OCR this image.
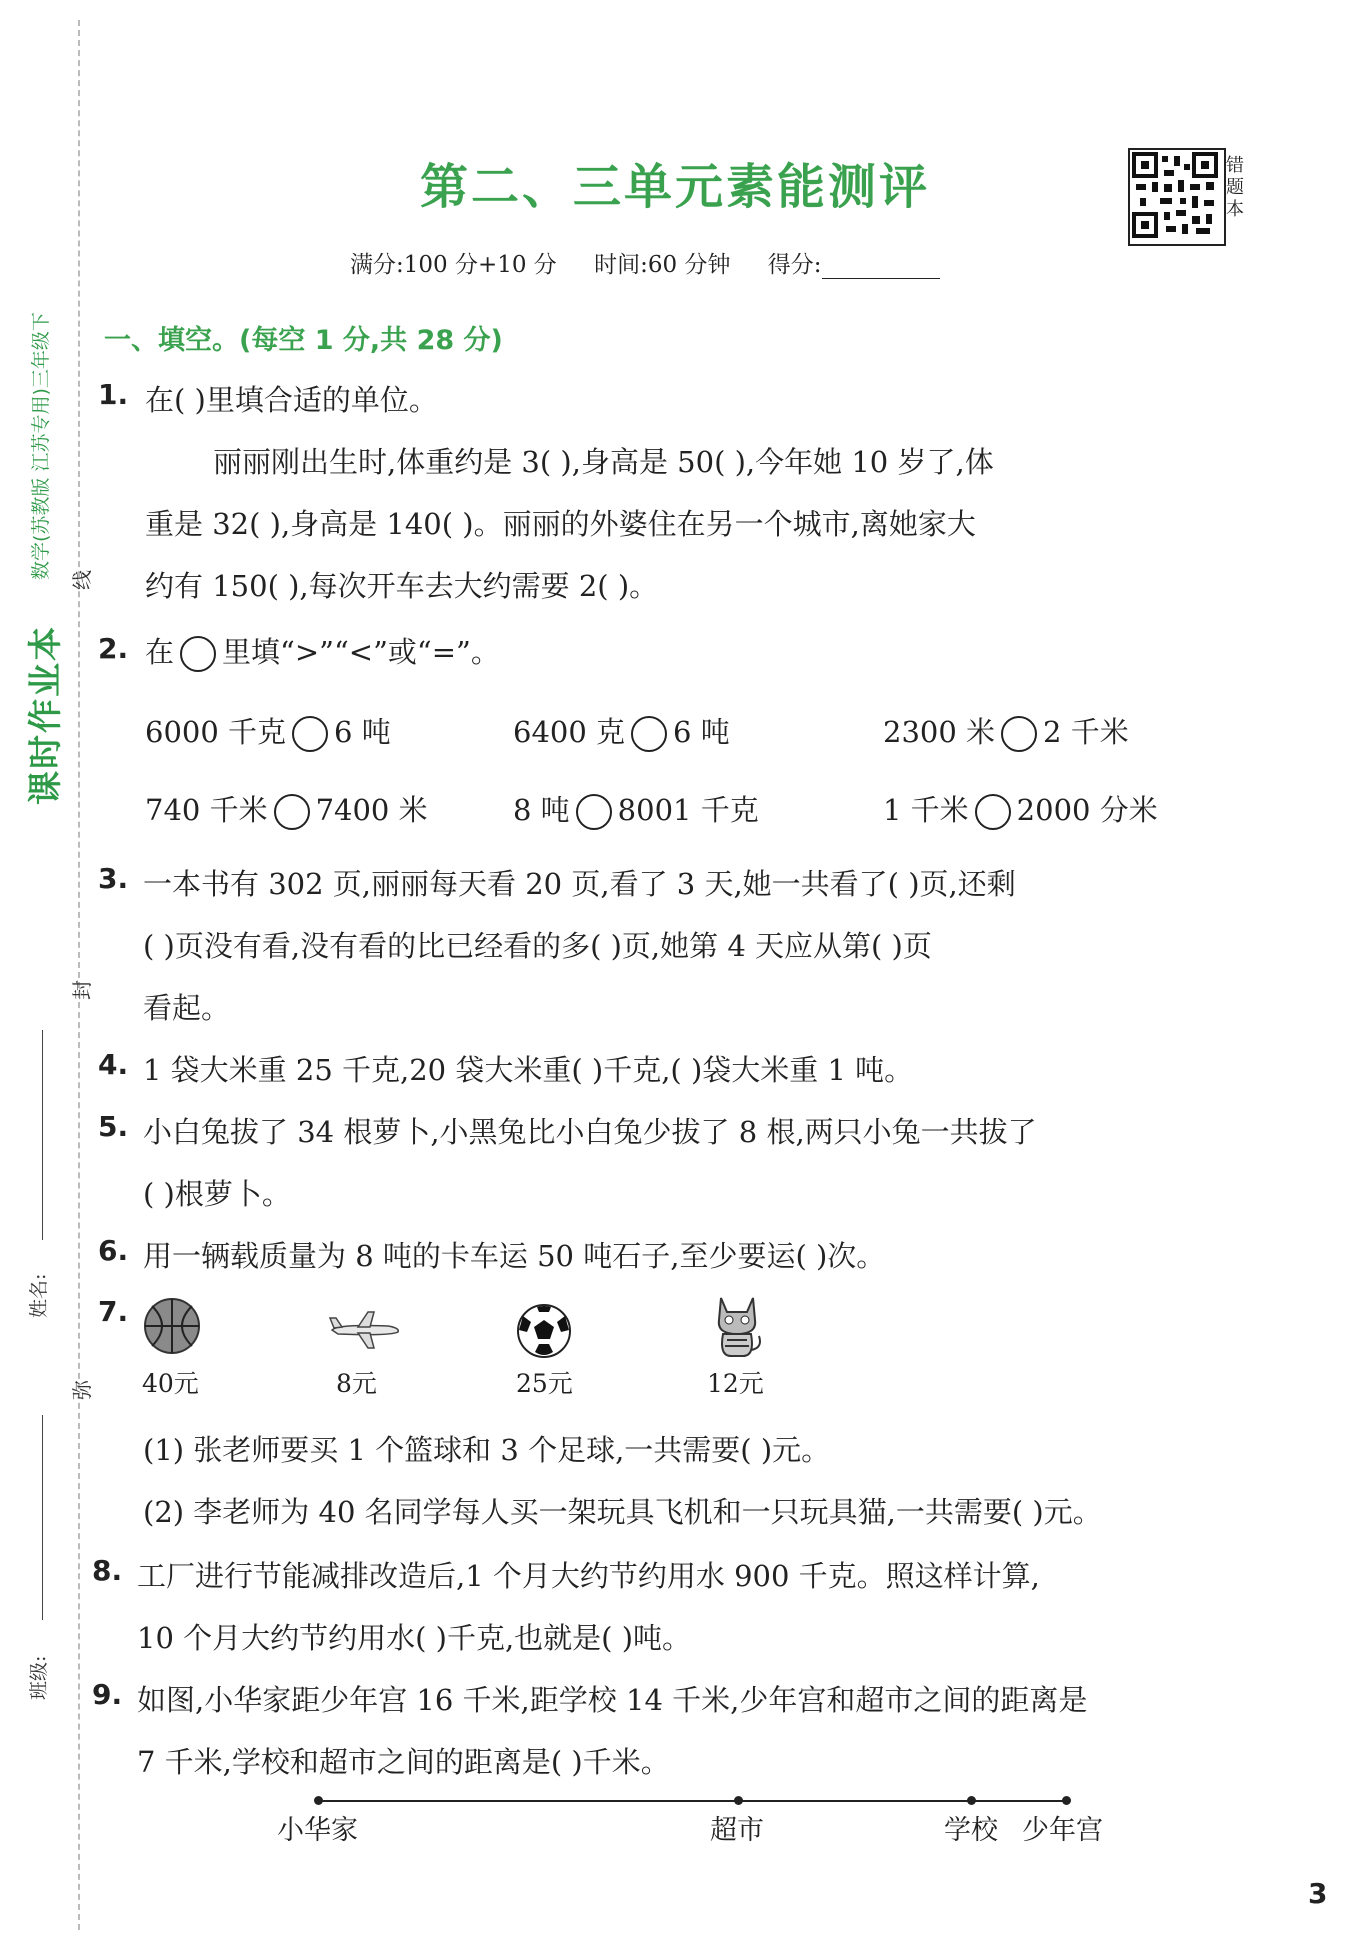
课时作业本
数学(苏教版 江苏专用)三年级下 线
封
弥
姓名:
班级:
第二、三单元素能测评	错题本
满分:100 分+10 分 时间:60 分钟 得分:
一、填空。(每空 1 分,共 28 分)
1. 在( )里填合适的单位。
丽丽刚出生时,体重约是 3( ),身高是 50( ),今年她 10 岁了,体
重是 32( ),身高是 140( )。丽丽的外婆住在另一个城市,离她家大
约有 150( ),每次开车去大约需要 2( )。
2. 在 里填“>”“<”或“=”。
6000 千克 6 吨	6400 克 6 吨	2300 米 2 千米
740 千米 7400 米	8 吨 8001 千克	1 千米 2000 分米
3. 一本书有 302 页,丽丽每天看 20 页,看了 3 天,她一共看了( )页,还剩
( )页没有看,没有看的比已经看的多( )页,她第 4 天应从第( )页
看起。
4. 1 袋大米重 25 千克,20 袋大米重( )千克,( )袋大米重 1 吨。
5. 小白兔拔了 34 根萝卜,小黑兔比小白兔少拔了 8 根,两只小兔一共拔了
( )根萝卜。
6. 用一辆载质量为 8 吨的卡车运 50 吨石子,至少要运( )次。
7.
40元	8元	25元	12元
(1) 张老师要买 1 个篮球和 3 个足球,一共需要( )元。
(2) 李老师为 40 名同学每人买一架玩具飞机和一只玩具猫,一共需要( )元。
8. 工厂进行节能减排改造后,1 个月大约节约用水 900 千克。照这样计算,
10 个月大约节约用水( )千克,也就是( )吨。
9. 如图,小华家距少年宫 16 千米,距学校 14 千米,少年宫和超市之间的距离是
7 千米,学校和超市之间的距离是( )千米。
小华家	超市	学校 少年宫
3
